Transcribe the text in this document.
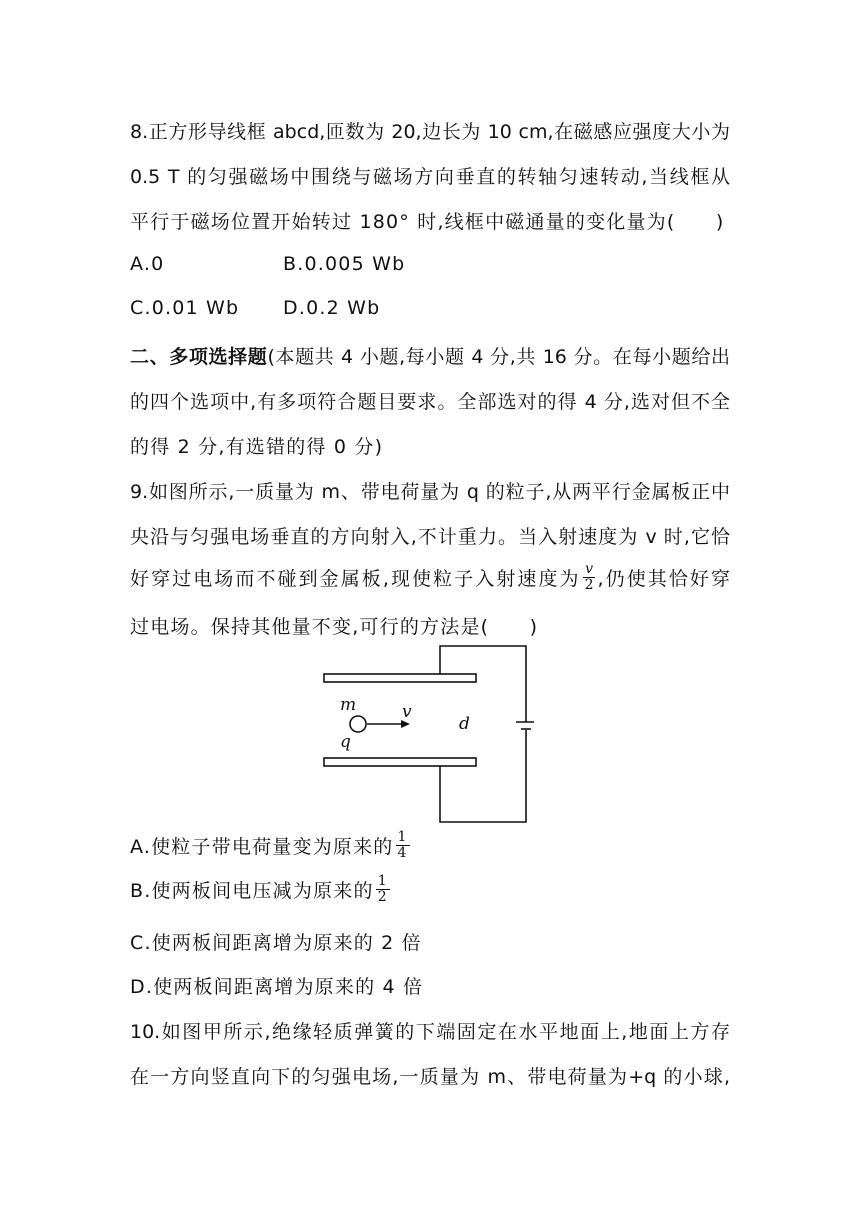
8.正方形导线框 abcd,匝数为 20,边长为 10 cm,在磁感应强度大小为
0.5 T 的匀强磁场中围绕与磁场方向垂直的转轴匀速转动,当线框从
平行于磁场位置开始转过 180° 时,线框中磁通量的变化量为(　　)
A.0	B.0.005 Wb
C.0.01 Wb D.0.2 Wb
二、多项选择题(本题共 4 小题,每小题 4 分,共 16 分。在每小题给出
的四个选项中,有多项符合题目要求。全部选对的得 4 分,选对但不全
的得 2 分,有选错的得 0 分)
9.如图所示,一质量为 m、带电荷量为 q 的粒子,从两平行金属板正中
央沿与匀强电场垂直的方向射入,不计重力。当入射速度为 v 时,它恰
好穿过电场而不碰到金属板,现使粒子入射速度为 $\frac{v}{2}$ ,仍使其恰好穿
过电场。保持其他量不变,可行的方法是(　　)
m
q
v
d
A.使粒子带电荷量变为原来的 $\frac{1}{4}$
B.使两板间电压减为原来的 $\frac{1}{2}$
C.使两板间距离增为原来的 2 倍
D.使两板间距离增为原来的 4 倍
10.如图甲所示,绝缘轻质弹簧的下端固定在水平地面上,地面上方存
在一方向竖直向下的匀强电场,一质量为 m、带电荷量为+q 的小球,
